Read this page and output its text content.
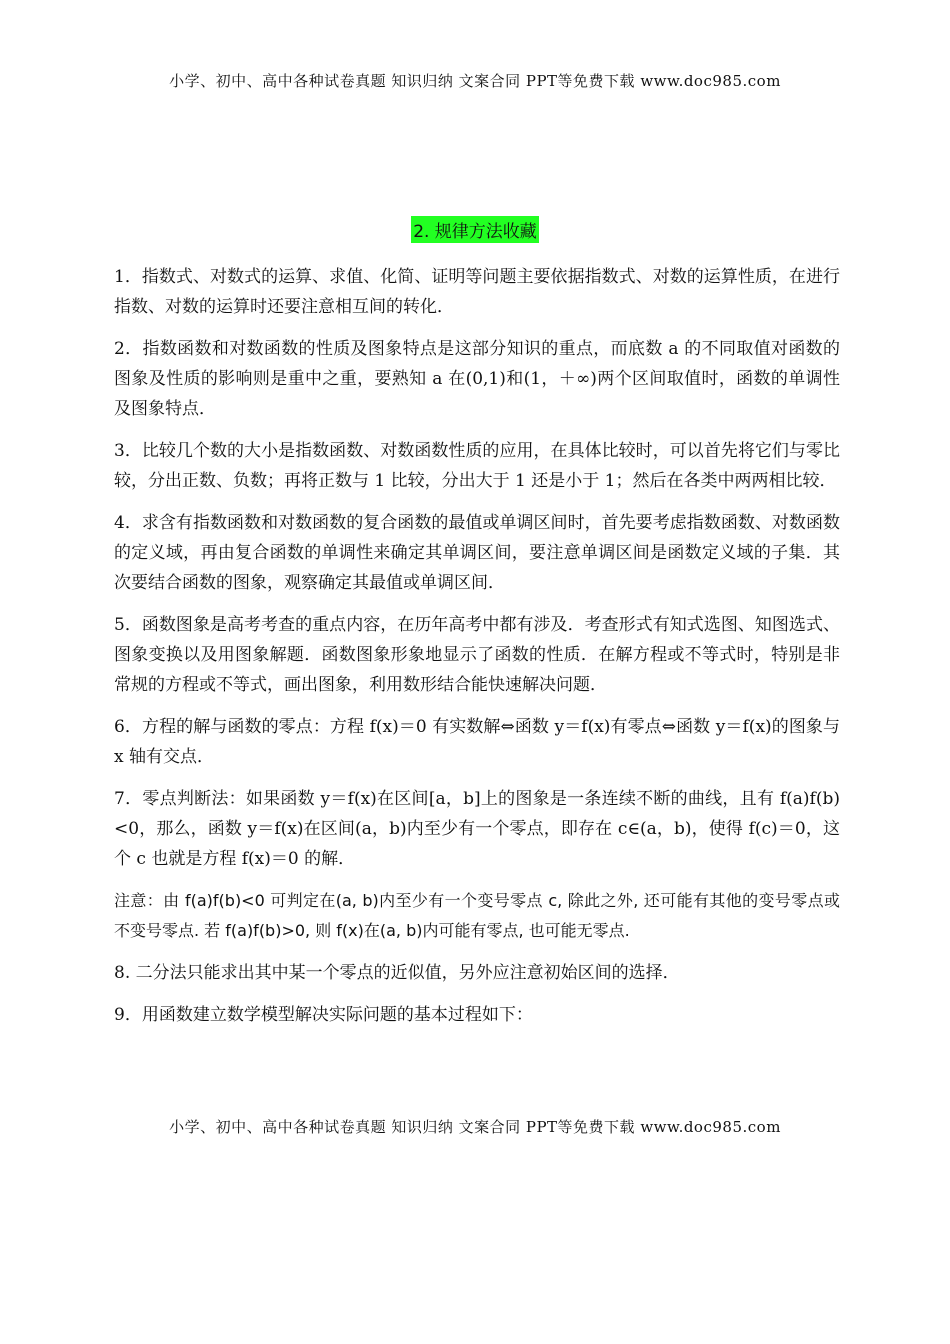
小学、初中、高中各种试卷真题 知识归纳 文案合同 PPT等免费下载 www.doc985.com
2. 规律方法收藏

1．指数式、对数式的运算、求值、化简、证明等问题主要依据指数式、对数的运算性质，在进行指数、对数的运算时还要注意相互间的转化．

2．指数函数和对数函数的性质及图象特点是这部分知识的重点，而底数 a 的不同取值对函数的图象及性质的影响则是重中之重，要熟知 a 在(0,1)和(1，＋∞)两个区间取值时，函数的单调性及图象特点．

3．比较几个数的大小是指数函数、对数函数性质的应用，在具体比较时，可以首先将它们与零比较，分出正数、负数；再将正数与 1 比较，分出大于 1 还是小于 1；然后在各类中两两相比较．

4．求含有指数函数和对数函数的复合函数的最值或单调区间时，首先要考虑指数函数、对数函数的定义域，再由复合函数的单调性来确定其单调区间，要注意单调区间是函数定义域的子集．其次要结合函数的图象，观察确定其最值或单调区间．

5．函数图象是高考考查的重点内容，在历年高考中都有涉及．考查形式有知式选图、知图选式、图象变换以及用图象解题．函数图象形象地显示了函数的性质．在解方程或不等式时，特别是非常规的方程或不等式，画出图象，利用数形结合能快速解决问题．

6．方程的解与函数的零点：方程 f(x)＝0 有实数解⇔函数 y＝f(x)有零点⇔函数 y＝f(x)的图象与 x 轴有交点．

7．零点判断法：如果函数 y＝f(x)在区间[a，b]上的图象是一条连续不断的曲线，且有 f(a)f(b)<0，那么，函数 y＝f(x)在区间(a，b)内至少有一个零点，即存在 c∈(a，b)，使得 f(c)＝0，这个 c 也就是方程 f(x)＝0 的解．

注意：由 f(a)f(b)<0 可判定在(a, b)内至少有一个变号零点 c, 除此之外, 还可能有其他的变号零点或不变号零点. 若 f(a)f(b)>0, 则 f(x)在(a, b)内可能有零点, 也可能无零点.

8. 二分法只能求出其中某一个零点的近似值，另外应注意初始区间的选择．

9．用函数建立数学模型解决实际问题的基本过程如下：

小学、初中、高中各种试卷真题 知识归纳 文案合同 PPT等免费下载 www.doc985.com
